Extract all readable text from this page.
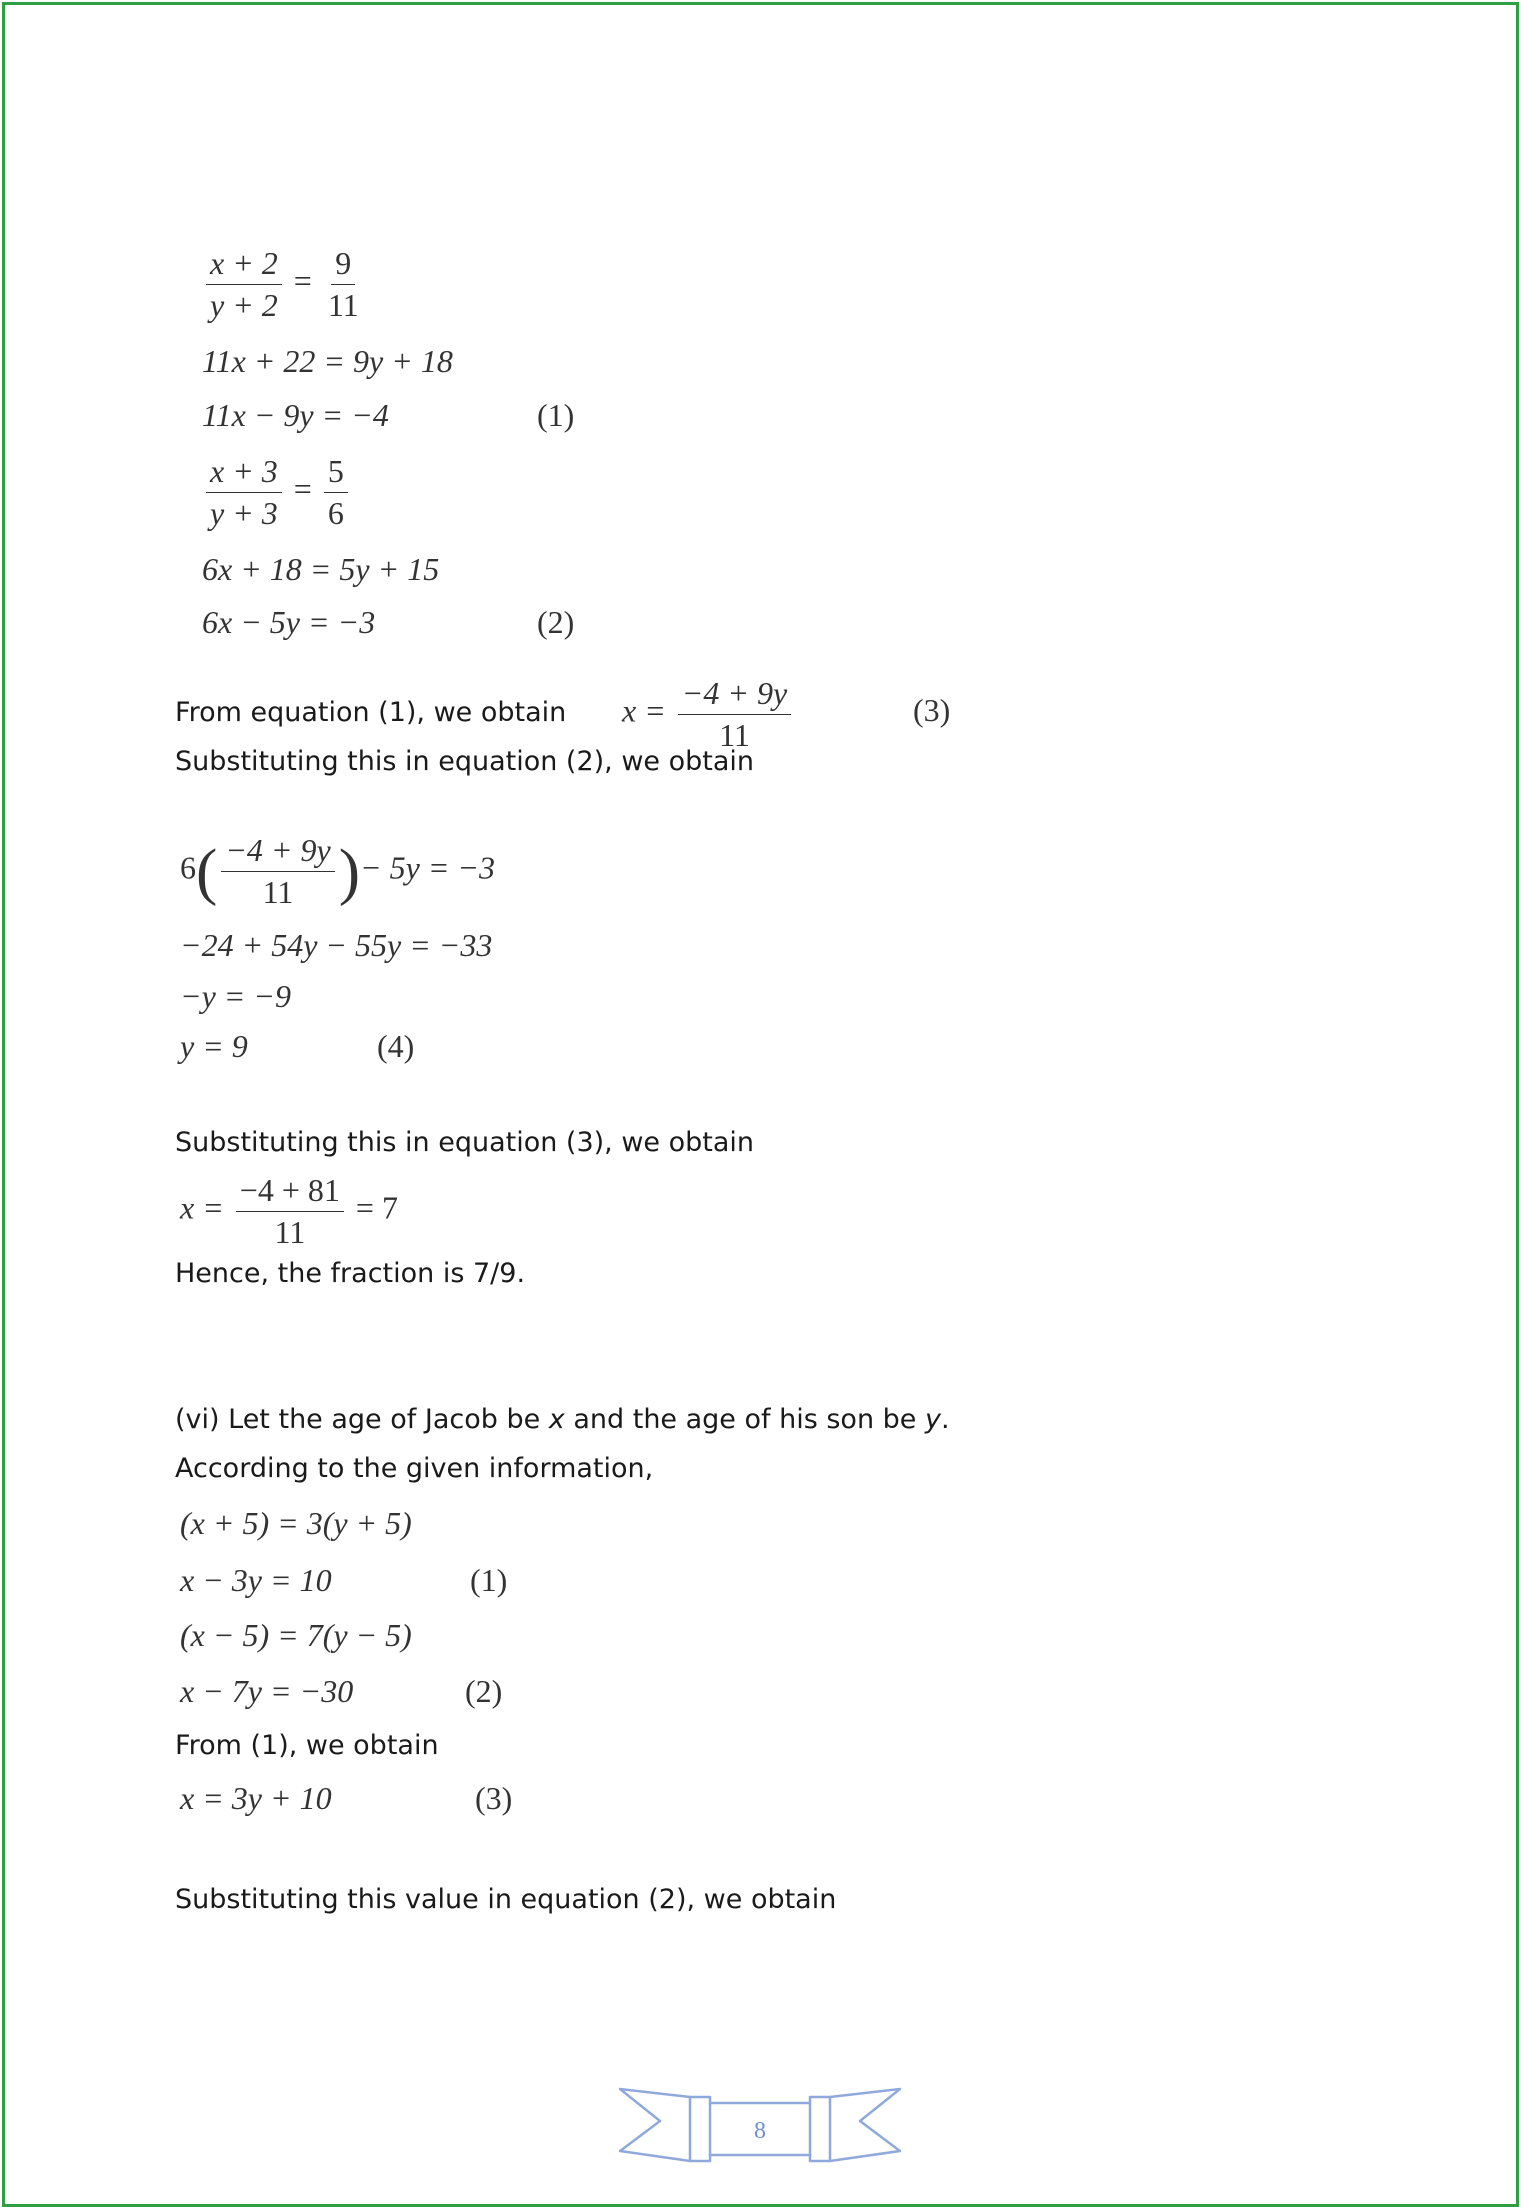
$\frac{x + 2}{y + 2} = \frac{9}{11}$
11x + 22 = 9y + 18
11x − 9y = −4	(1)
$\frac{x + 3}{y + 3} = \frac{5}{6}$
6x + 18 = 5y + 15
6x − 5y = −3	(2)
From equation (1), we obtain $x = \frac{-4 + 9y}{11}$	(3)
Substituting this in equation (2), we obtain
$6( \frac{-4 + 9y}{11}$ )− 5y = −3
−24 + 54y − 55y = −33
−y = −9
y = 9	(4)
Substituting this in equation (3), we obtain
$x = \frac{-4 + 81}{11} = 7$
Hence, the fraction is 7/9.
(vi) Let the age of Jacob be x and the age of his son be y.
According to the given information,
(x + 5) = 3(y + 5)
x − 3y = 10	(1)
(x − 5) = 7(y − 5)
x − 7y = −30	(2)
From (1), we obtain
x = 3y + 10	(3)
Substituting this value in equation (2), we obtain
8
